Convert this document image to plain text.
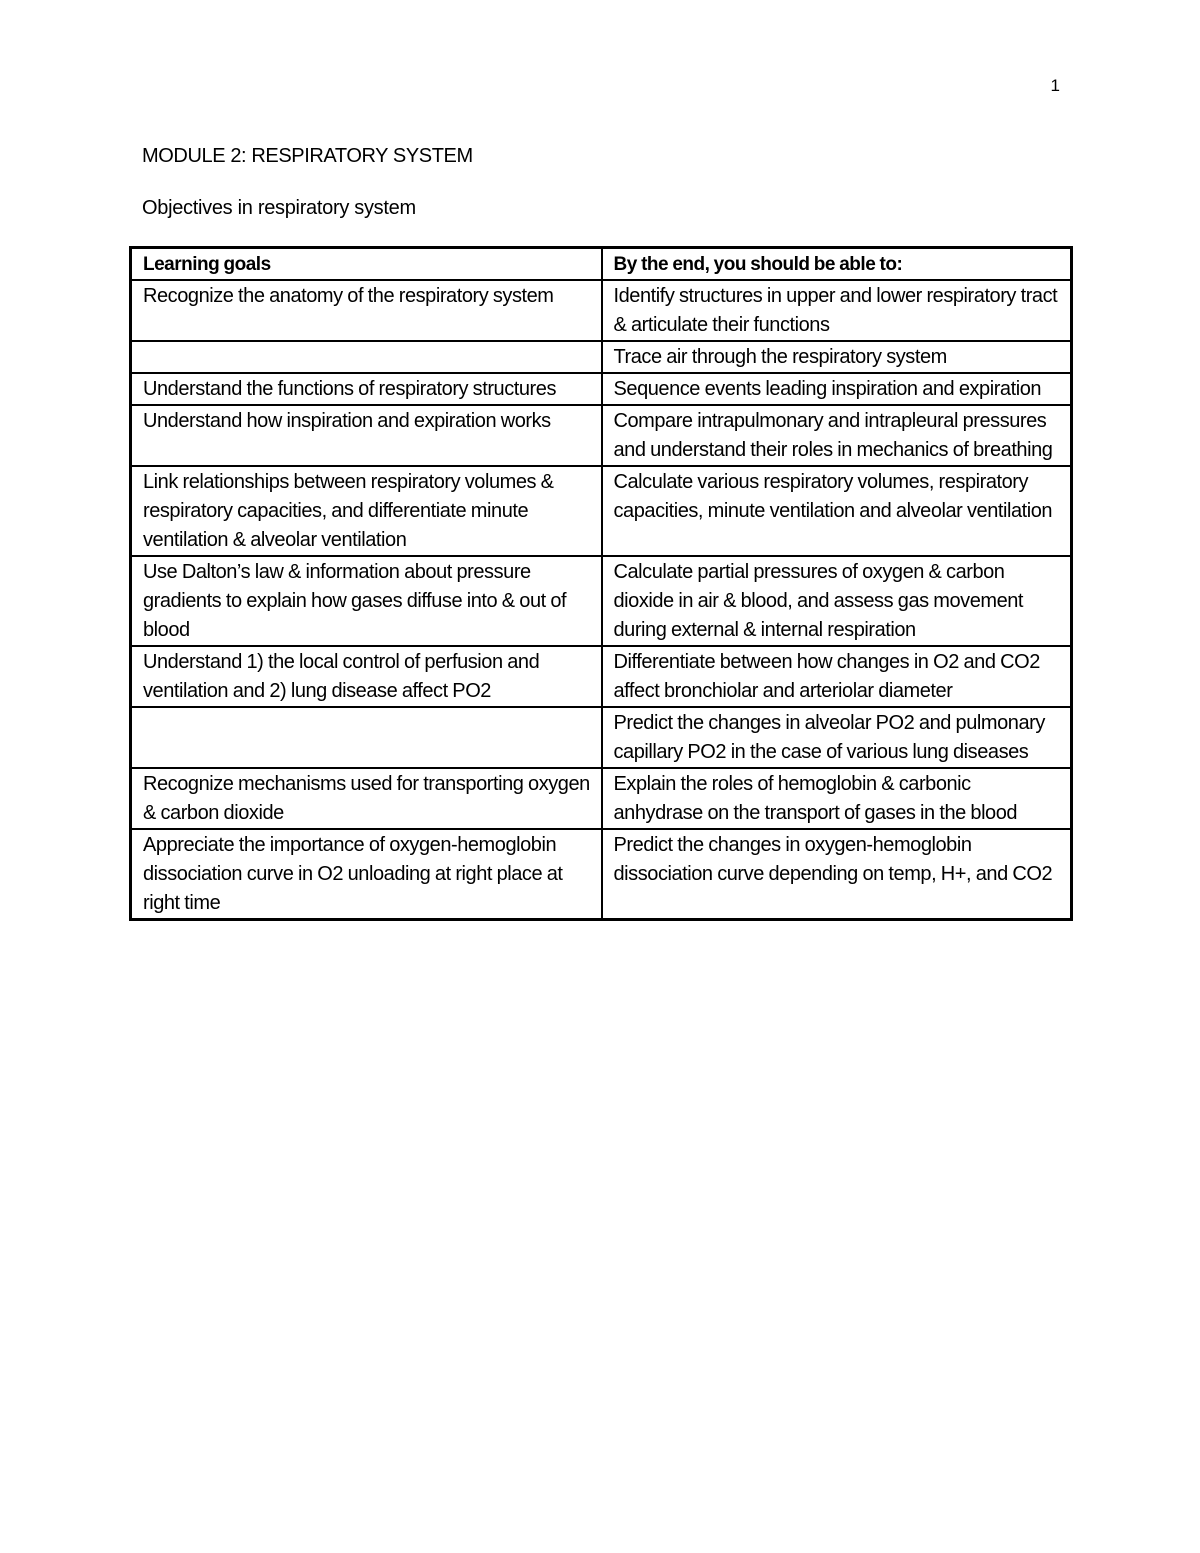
1
MODULE 2: RESPIRATORY SYSTEM
Objectives in respiratory system
Learning goals	By the end, you should be able to:
Recognize the anatomy of the respiratory system	Identify structures in upper and lower respiratory tract & articulate their functions
	Trace air through the respiratory system
Understand the functions of respiratory structures	Sequence events leading inspiration and expiration
Understand how inspiration and expiration works	Compare intrapulmonary and intrapleural pressures and understand their roles in mechanics of breathing
Link relationships between respiratory volumes & respiratory capacities, and differentiate minute ventilation & alveolar ventilation	Calculate various respiratory volumes, respiratory capacities, minute ventilation and alveolar ventilation
Use Dalton’s law & information about pressure gradients to explain how gases diffuse into & out of blood	Calculate partial pressures of oxygen & carbon dioxide in air & blood, and assess gas movement during external & internal respiration
Understand 1) the local control of perfusion and ventilation and 2) lung disease affect PO2	Differentiate between how changes in O2 and CO2 affect bronchiolar and arteriolar diameter
	Predict the changes in alveolar PO2 and pulmonary capillary PO2 in the case of various lung diseases
Recognize mechanisms used for transporting oxygen & carbon dioxide	Explain the roles of hemoglobin & carbonic anhydrase on the transport of gases in the blood
Appreciate the importance of oxygen-hemoglobin dissociation curve in O2 unloading at right place at right time	Predict the changes in oxygen-hemoglobin dissociation curve depending on temp, H+, and CO2
